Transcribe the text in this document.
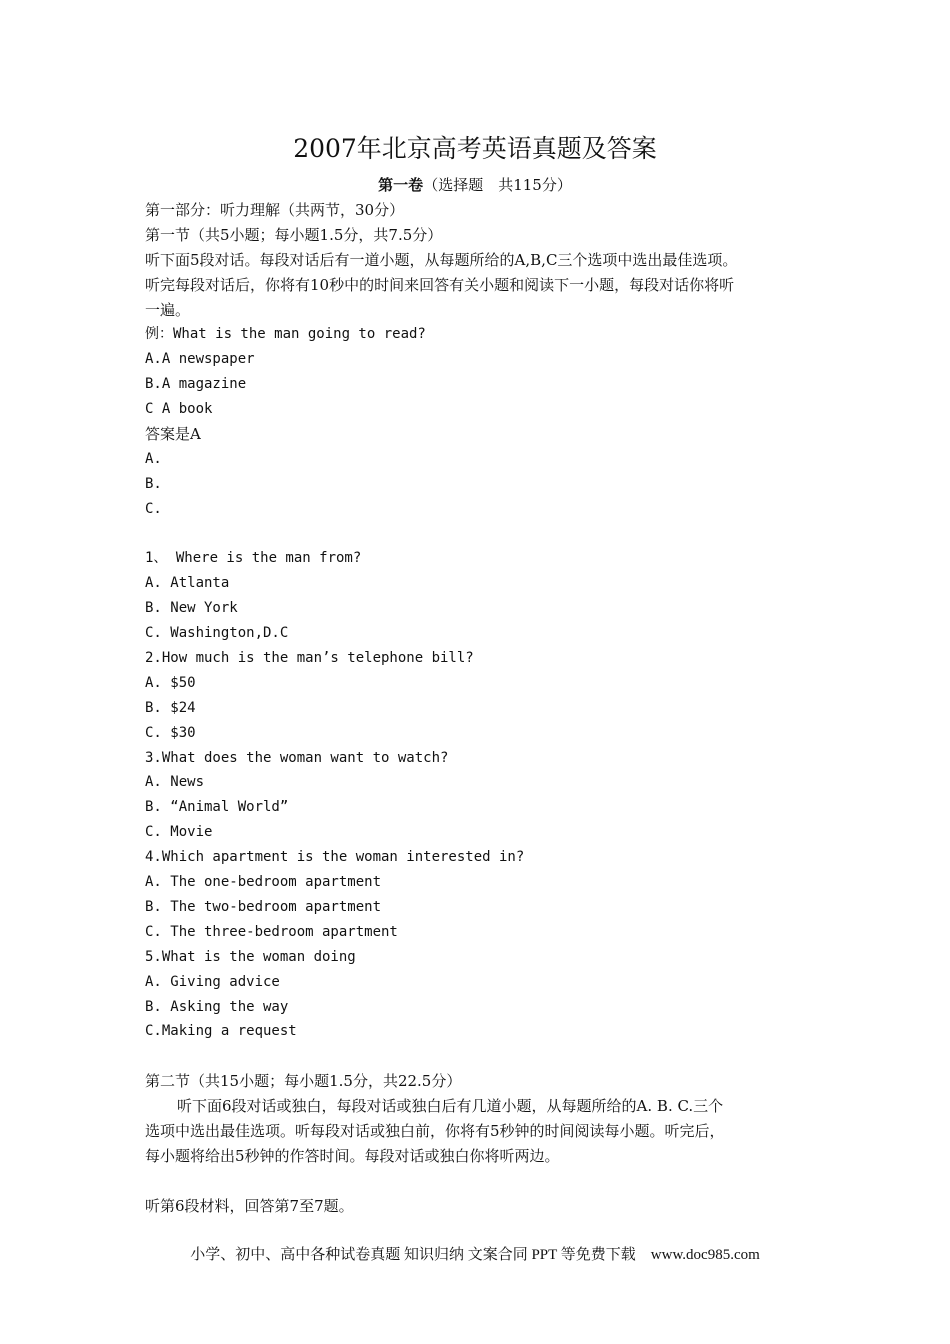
2007年北京高考英语真题及答案
第一卷（选择题　共115分）
第一部分：听力理解（共两节，30分）
第一节（共5小题；每小题1.5分，共7.5分）
听下面5段对话。每段对话后有一道小题，从每题所给的A,B,C三个选项中选出最佳选项。
听完每段对话后，你将有10秒中的时间来回答有关小题和阅读下一小题，每段对话你将听
一遍。
例：What is the man going to read?
A.A newspaper
B.A magazine
C A book
答案是A
A.
B.
C.
1、 Where is the man from?
A. Atlanta
B. New York
C. Washington,D.C
2.How much is the man’s telephone bill?
A. $50
B. $24
C. $30
3.What does the woman want to watch?
A. News
B. “Animal World”
C. Movie
4.Which apartment is the woman interested in?
A. The one-bedroom apartment
B. The two-bedroom apartment
C. The three-bedroom apartment
5.What is the woman doing
A. Giving advice
B. Asking the way
C.Making a request
第二节（共15小题；每小题1.5分，共22.5分）
听下面6段对话或独白，每段对话或独白后有几道小题，从每题所给的A. B. C.三个
选项中选出最佳选项。听每段对话或独白前，你将有5秒钟的时间阅读每小题。听完后，
每小题将给出5秒钟的作答时间。每段对话或独白你将听两边。
听第6段材料，回答第7至7题。
小学、初中、高中各种试卷真题 知识归纳 文案合同 PPT 等免费下载　www.doc985.com
